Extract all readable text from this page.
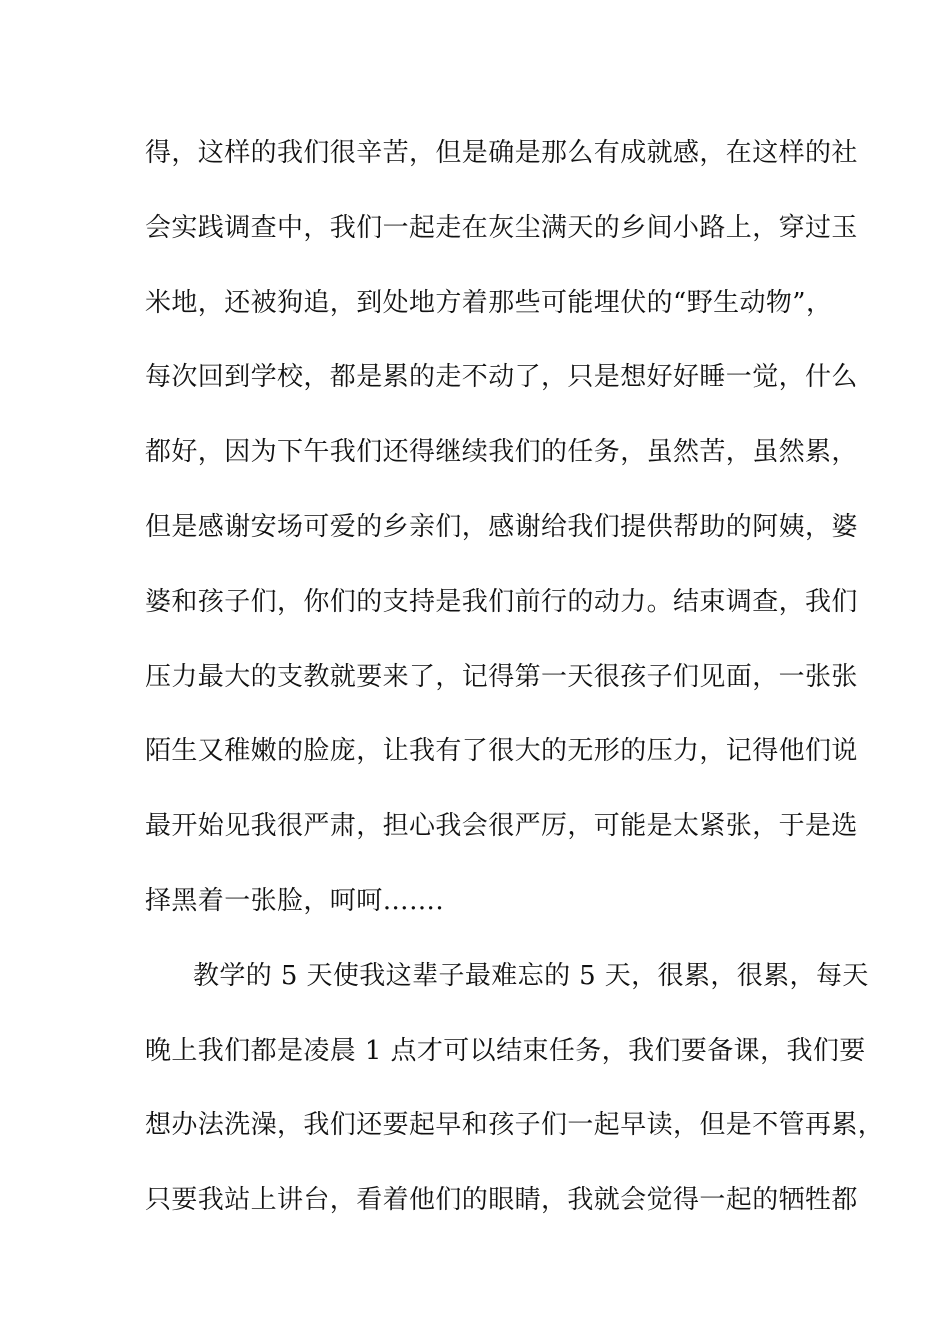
得，这样的我们很辛苦，但是确是那么有成就感，在这样的社
会实践调查中，我们一起走在灰尘满天的乡间小路上，穿过玉
米地，还被狗追，到处地方着那些可能埋伏的“野生动物”，
每次回到学校，都是累的走不动了，只是想好好睡一觉，什么
都好，因为下午我们还得继续我们的任务，虽然苦，虽然累，
但是感谢安场可爱的乡亲们，感谢给我们提供帮助的阿姨，婆
婆和孩子们，你们的支持是我们前行的动力。结束调查，我们
压力最大的支教就要来了，记得第一天很孩子们见面，一张张
陌生又稚嫩的脸庞，让我有了很大的无形的压力，记得他们说
最开始见我很严肃，担心我会很严厉，可能是太紧张，于是选
择黑着一张脸，呵呵…….
教学的 5 天使我这辈子最难忘的 5 天，很累，很累，每天
晚上我们都是凌晨 1 点才可以结束任务，我们要备课，我们要
想办法洗澡，我们还要起早和孩子们一起早读，但是不管再累，
只要我站上讲台，看着他们的眼睛，我就会觉得一起的牺牲都
